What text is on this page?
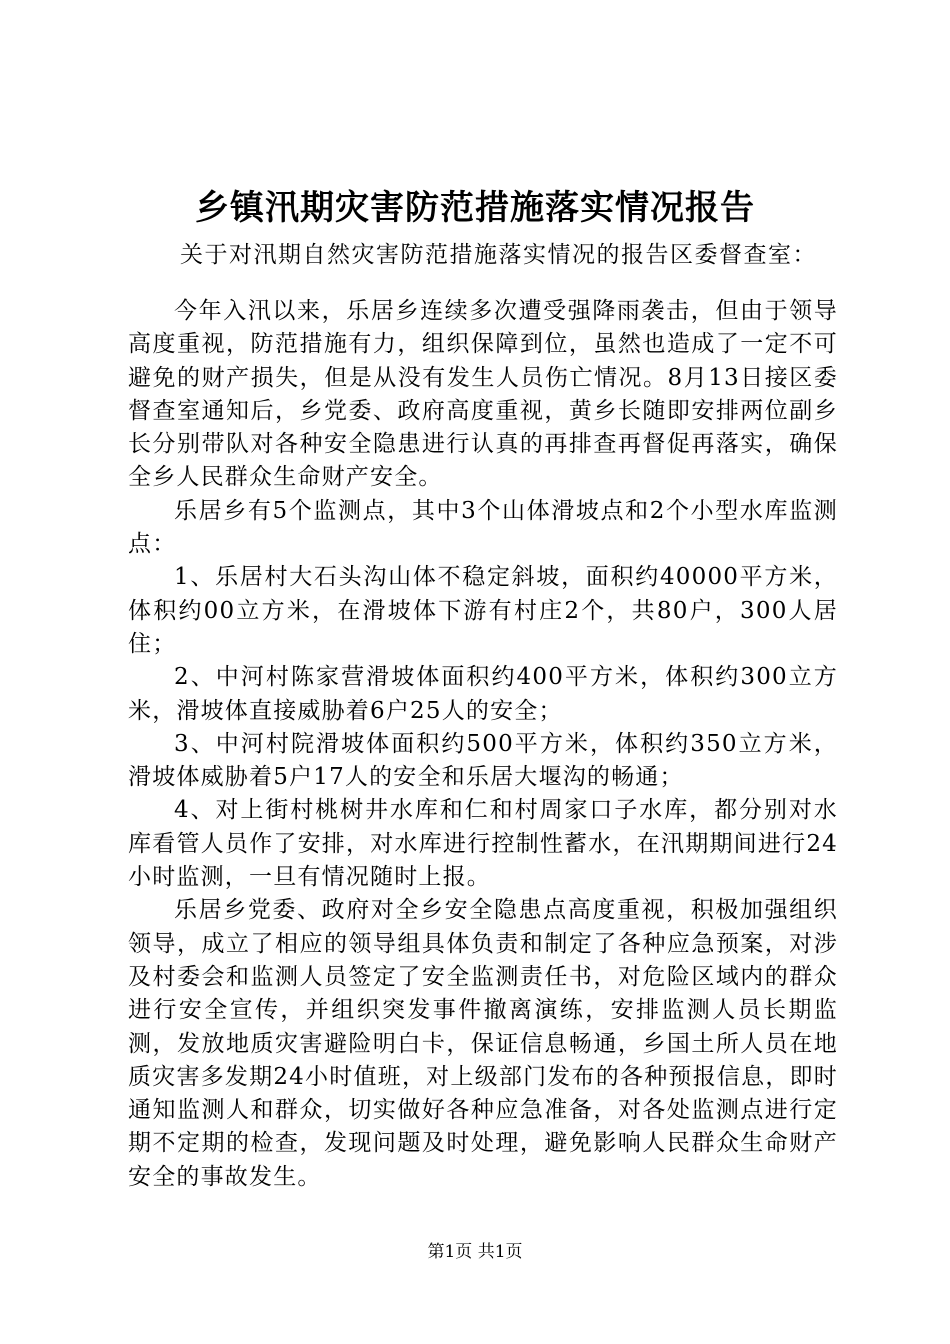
乡镇汛期灾害防范措施落实情况报告
关于对汛期自然灾害防范措施落实情况的报告区委督查室：

今年入汛以来，乐居乡连续多次遭受强降雨袭击，但由于领导高度重视，防范措施有力，组织保障到位，虽然也造成了一定不可避免的财产损失，但是从没有发生人员伤亡情况。8月13日接区委督查室通知后，乡党委、政府高度重视，黄乡长随即安排两位副乡长分别带队对各种安全隐患进行认真的再排查再督促再落实，确保全乡人民群众生命财产安全。

乐居乡有5个监测点，其中3个山体滑坡点和2个小型水库监测点：

1、乐居村大石头沟山体不稳定斜坡，面积约40000平方米，体积约00立方米，在滑坡体下游有村庄2个，共80户，300人居住；

2、中河村陈家营滑坡体面积约400平方米，体积约300立方米，滑坡体直接威胁着6户25人的安全；

3、中河村院滑坡体面积约500平方米，体积约350立方米，滑坡体威胁着5户17人的安全和乐居大堰沟的畅通；

4、对上街村桃树井水库和仁和村周家口子水库，都分别对水库看管人员作了安排，对水库进行控制性蓄水，在汛期期间进行24小时监测，一旦有情况随时上报。

乐居乡党委、政府对全乡安全隐患点高度重视，积极加强组织领导，成立了相应的领导组具体负责和制定了各种应急预案，对涉及村委会和监测人员签定了安全监测责任书，对危险区域内的群众进行安全宣传，并组织突发事件撤离演练，安排监测人员长期监测，发放地质灾害避险明白卡，保证信息畅通，乡国土所人员在地质灾害多发期24小时值班，对上级部门发布的各种预报信息，即时通知监测人和群众，切实做好各种应急准备，对各处监测点进行定期不定期的检查，发现问题及时处理，避免影响人民群众生命财产安全的事故发生。

第1页 共1页
